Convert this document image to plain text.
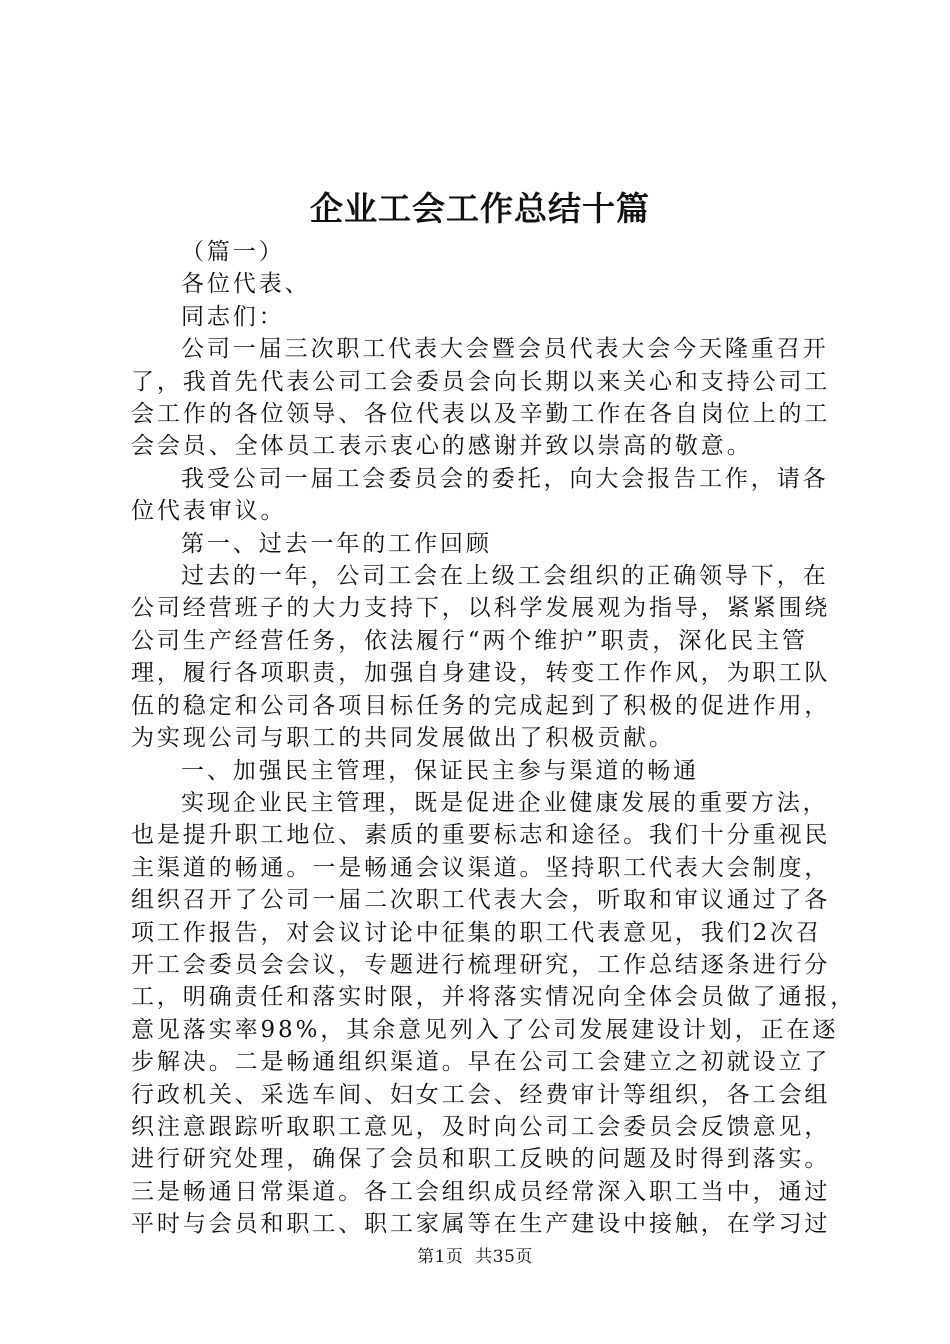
企业工会工作总结十篇
（篇一）
各位代表、
同志们：
公司一届三次职工代表大会暨会员代表大会今天隆重召开
了，我首先代表公司工会委员会向长期以来关心和支持公司工
会工作的各位领导、各位代表以及辛勤工作在各自岗位上的工
会会员、全体员工表示衷心的感谢并致以崇高的敬意。
我受公司一届工会委员会的委托，向大会报告工作，请各
位代表审议。
第一、过去一年的工作回顾
过去的一年，公司工会在上级工会组织的正确领导下，在
公司经营班子的大力支持下，以科学发展观为指导，紧紧围绕
公司生产经营任务，依法履行“两个维护”职责，深化民主管
理，履行各项职责，加强自身建设，转变工作作风，为职工队
伍的稳定和公司各项目标任务的完成起到了积极的促进作用，
为实现公司与职工的共同发展做出了积极贡献。
一、加强民主管理，保证民主参与渠道的畅通
实现企业民主管理，既是促进企业健康发展的重要方法，
也是提升职工地位、素质的重要标志和途径。我们十分重视民
主渠道的畅通。一是畅通会议渠道。坚持职工代表大会制度，
组织召开了公司一届二次职工代表大会，听取和审议通过了各
项工作报告，对会议讨论中征集的职工代表意见，我们2次召
开工会委员会会议，专题进行梳理研究，工作总结逐条进行分
工，明确责任和落实时限，并将落实情况向全体会员做了通报，
意见落实率98%，其余意见列入了公司发展建设计划，正在逐
步解决。二是畅通组织渠道。早在公司工会建立之初就设立了
行政机关、采选车间、妇女工会、经费审计等组织，各工会组
织注意跟踪听取职工意见，及时向公司工会委员会反馈意见，
进行研究处理，确保了会员和职工反映的问题及时得到落实。
三是畅通日常渠道。各工会组织成员经常深入职工当中，通过
平时与会员和职工、职工家属等在生产建设中接触，在学习过
第1页 共35页
